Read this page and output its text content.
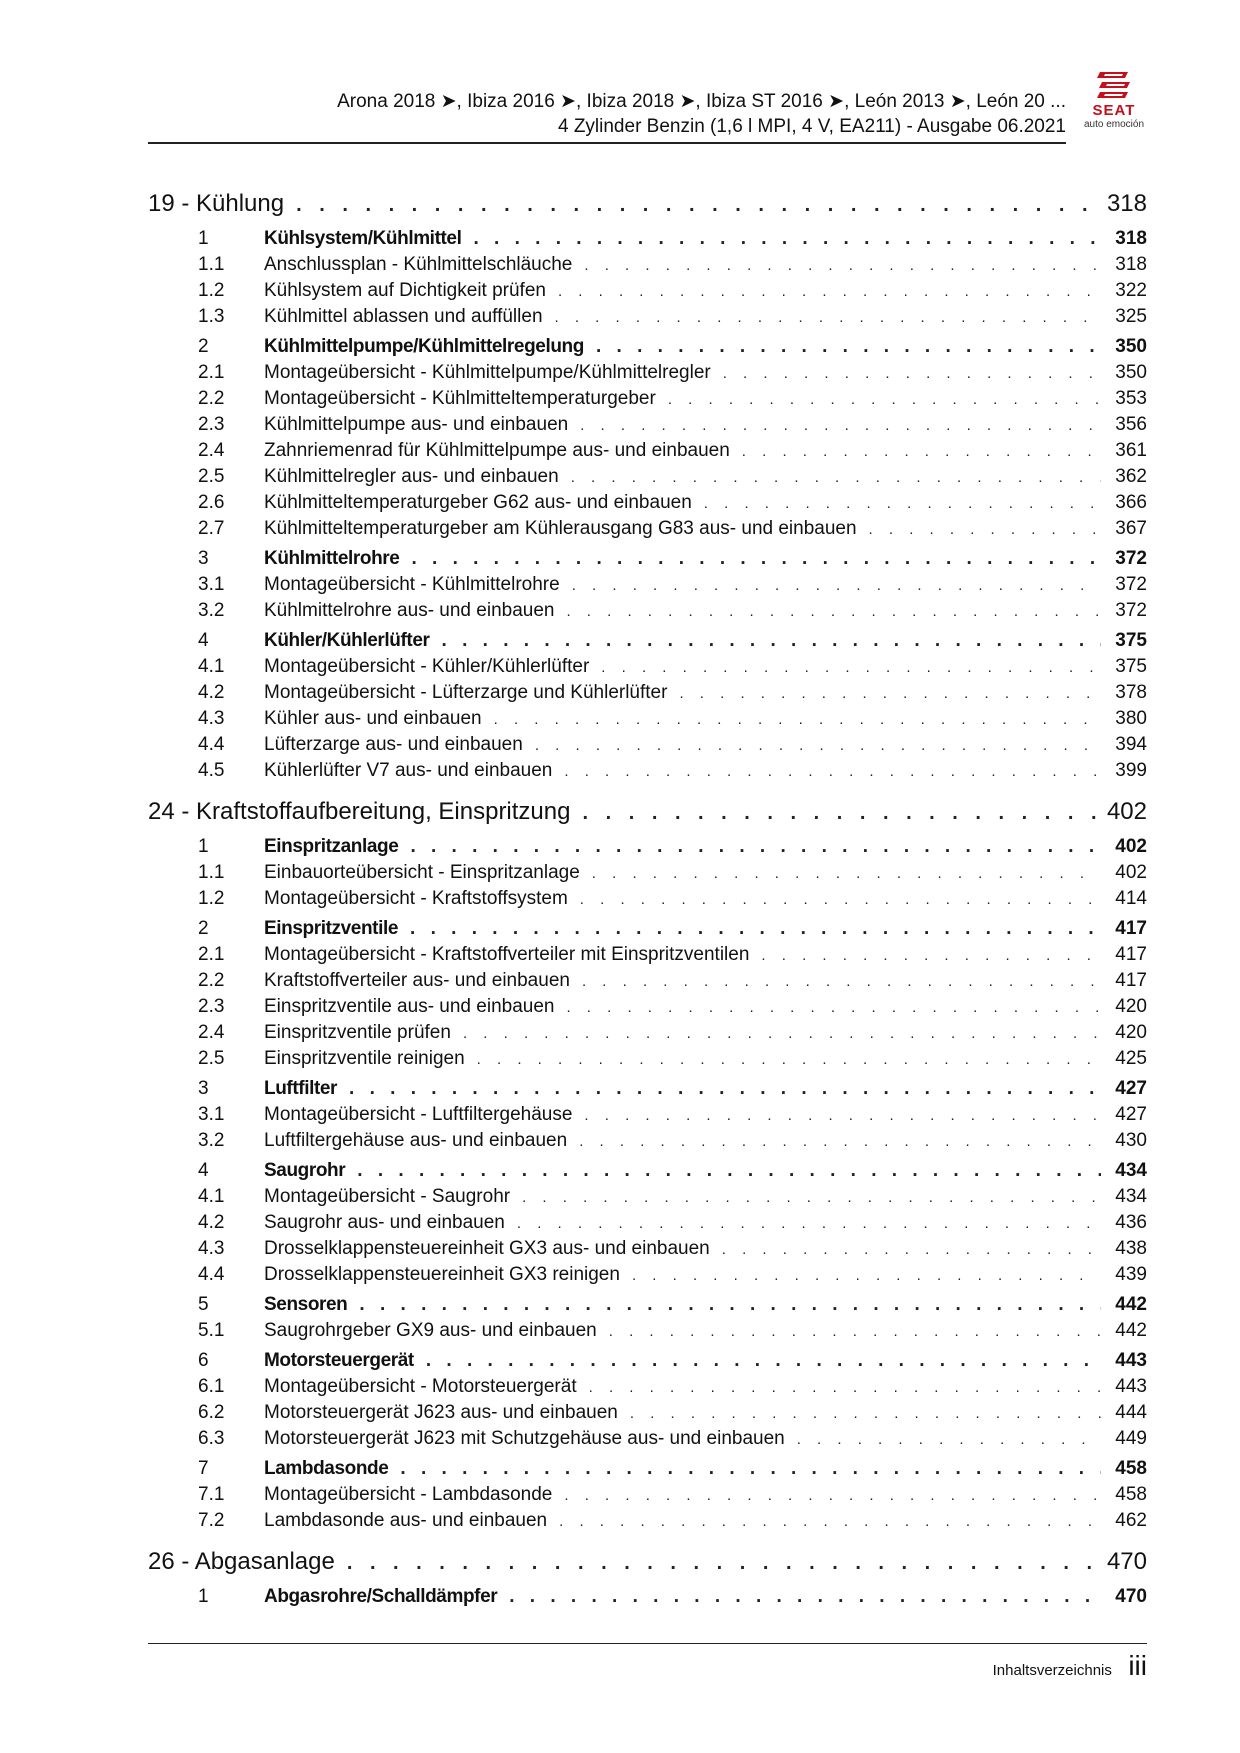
Arona 2018 ➤, Ibiza 2016 ➤, Ibiza 2018 ➤, Ibiza ST 2016 ➤, León 2013 ➤, León 20 ...
4 Zylinder Benzin (1,6 l MPI, 4 V, EA211) - Ausgabe 06.2021
SEAT
auto emoción
19 - Kühlung . . .	318
1	Kühlsystem/Kühlmittel . . .	318
1.1	Anschlussplan - Kühlmittelschläuche . . .	318
1.2	Kühlsystem auf Dichtigkeit prüfen . . .	322
1.3	Kühlmittel ablassen und auffüllen . . .	325
2	Kühlmittelpumpe/Kühlmittelregelung . . .	350
2.1	Montageübersicht - Kühlmittelpumpe/Kühlmittelregler . . .	350
2.2	Montageübersicht - Kühlmitteltemperaturgeber . . .	353
2.3	Kühlmittelpumpe aus- und einbauen . . .	356
2.4	Zahnriemenrad für Kühlmittelpumpe aus- und einbauen . . .	361
2.5	Kühlmittelregler aus- und einbauen . . .	362
2.6	Kühlmitteltemperaturgeber G62 aus- und einbauen . . .	366
2.7	Kühlmitteltemperaturgeber am Kühlerausgang G83 aus- und einbauen . . .	367
3	Kühlmittelrohre . . .	372
3.1	Montageübersicht - Kühlmittelrohre . . .	372
3.2	Kühlmittelrohre aus- und einbauen . . .	372
4	Kühler/Kühlerlüfter . . .	375
4.1	Montageübersicht - Kühler/Kühlerlüfter . . .	375
4.2	Montageübersicht - Lüfterzarge und Kühlerlüfter . . .	378
4.3	Kühler aus- und einbauen . . .	380
4.4	Lüfterzarge aus- und einbauen . . .	394
4.5	Kühlerlüfter V7 aus- und einbauen . . .	399
24 - Kraftstoffaufbereitung, Einspritzung . . .	402
1	Einspritzanlage . . .	402
1.1	Einbauorteübersicht - Einspritzanlage . . .	402
1.2	Montageübersicht - Kraftstoffsystem . . .	414
2	Einspritzventile . . .	417
2.1	Montageübersicht - Kraftstoffverteiler mit Einspritzventilen . . .	417
2.2	Kraftstoffverteiler aus- und einbauen . . .	417
2.3	Einspritzventile aus- und einbauen . . .	420
2.4	Einspritzventile prüfen . . .	420
2.5	Einspritzventile reinigen . . .	425
3	Luftfilter . . .	427
3.1	Montageübersicht - Luftfiltergehäuse . . .	427
3.2	Luftfiltergehäuse aus- und einbauen . . .	430
4	Saugrohr . . .	434
4.1	Montageübersicht - Saugrohr . . .	434
4.2	Saugrohr aus- und einbauen . . .	436
4.3	Drosselklappensteuereinheit GX3 aus- und einbauen . . .	438
4.4	Drosselklappensteuereinheit GX3 reinigen . . .	439
5	Sensoren . . .	442
5.1	Saugrohrgeber GX9 aus- und einbauen . . .	442
6	Motorsteuergerät . . .	443
6.1	Montageübersicht - Motorsteuergerät . . .	443
6.2	Motorsteuergerät J623 aus- und einbauen . . .	444
6.3	Motorsteuergerät J623 mit Schutzgehäuse aus- und einbauen . . .	449
7	Lambdasonde . . .	458
7.1	Montageübersicht - Lambdasonde . . .	458
7.2	Lambdasonde aus- und einbauen . . .	462
26 - Abgasanlage . . .	470
1	Abgasrohre/Schalldämpfer . . .	470
Inhaltsverzeichnis iii
